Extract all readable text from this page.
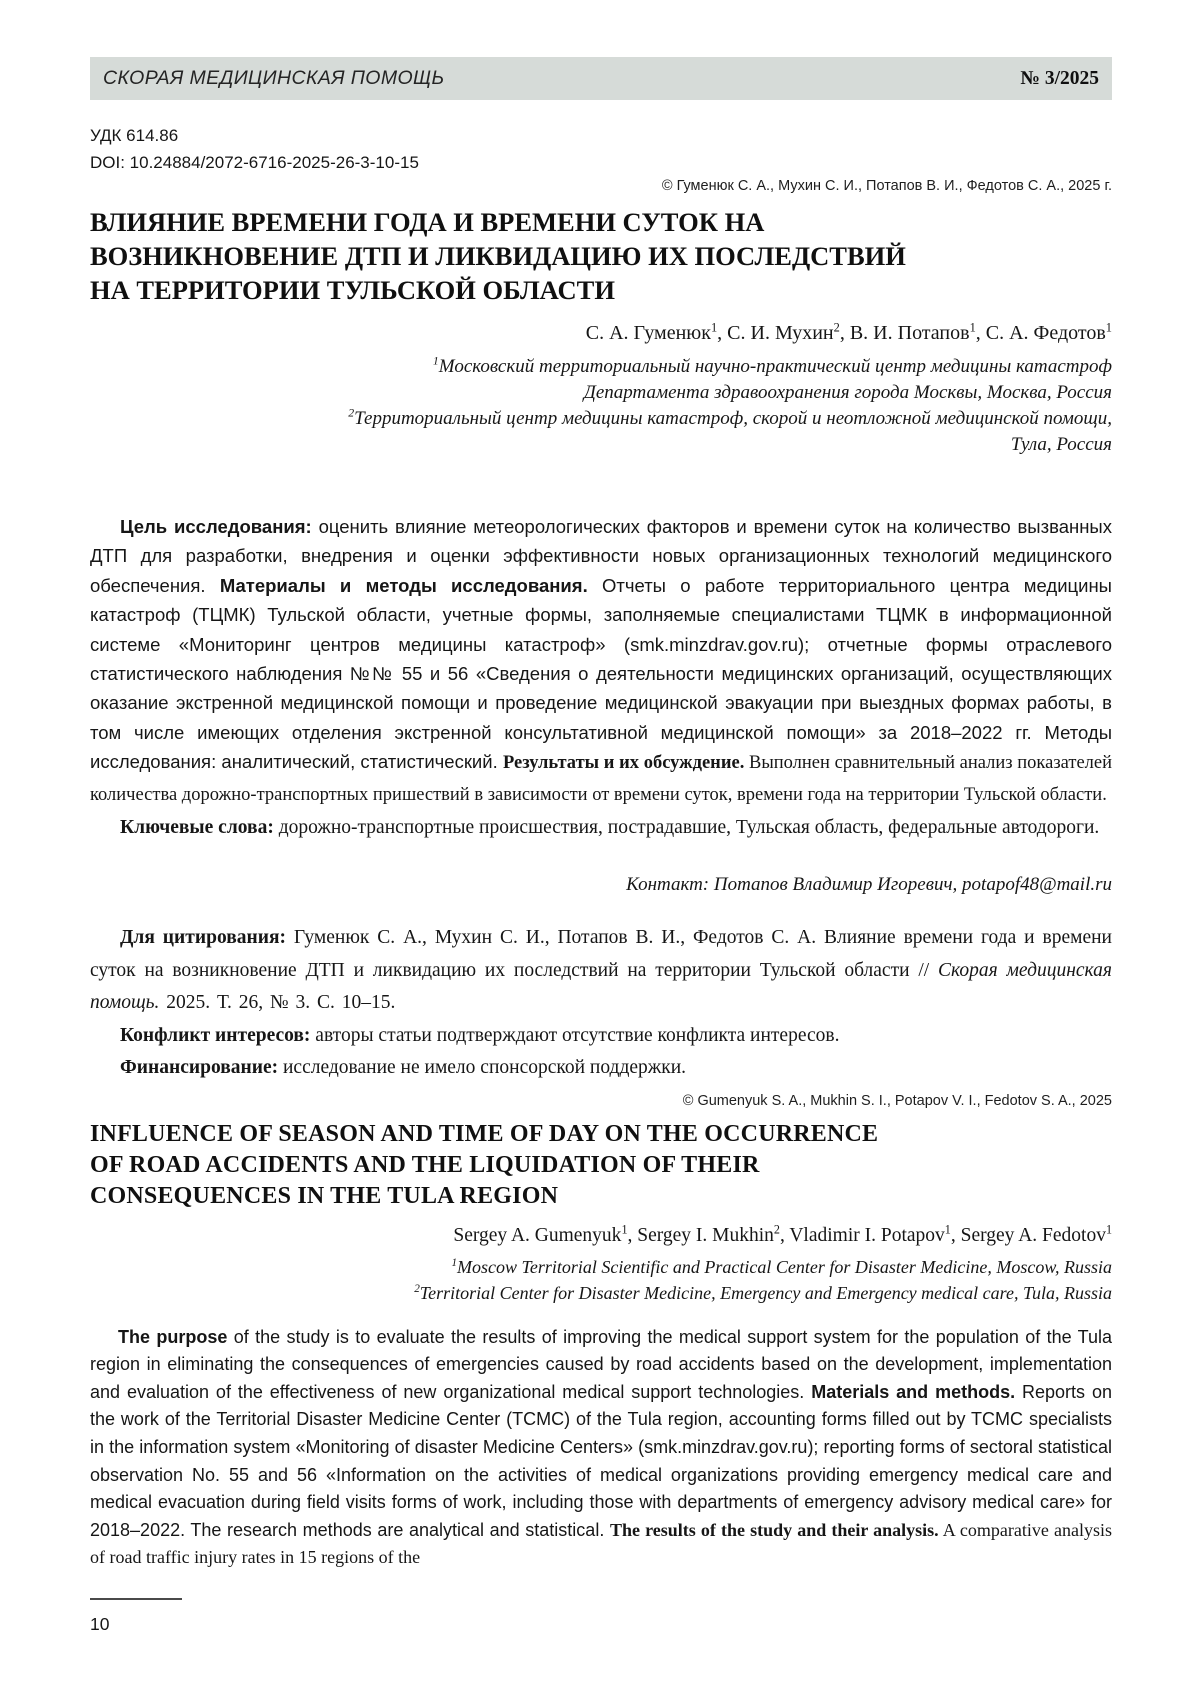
СКОРАЯ МЕДИЦИНСКАЯ ПОМОЩЬ	№ 3/2025
УДК 614.86
DOI: 10.24884/2072-6716-2025-26-3-10-15
© Гуменюк С. А., Мухин С. И., Потапов В. И., Федотов С. А., 2025 г.
ВЛИЯНИЕ ВРЕМЕНИ ГОДА И ВРЕМЕНИ СУТОК НА
ВОЗНИКНОВЕНИЕ ДТП И ЛИКВИДАЦИЮ ИХ ПОСЛЕДСТВИЙ
НА ТЕРРИТОРИИ ТУЛЬСКОЙ ОБЛАСТИ
С. А. Гуменюк$^1$, С. И. Мухин$^2$, В. И. Потапов$^1$, С. А. Федотов$^1$
$^1$Московский территориальный научно-практический центр медицины катастроф
Департамента здравоохранения города Москвы, Москва, Россия
$^2$Территориальный центр медицины катастроф, скорой и неотложной медицинской помощи,
Тула, Россия

Цель исследования: оценить влияние метеорологических факторов и времени суток на количество вызванных ДТП для разработки, внедрения и оценки эффективности новых организационных технологий медицинского обеспечения. Материалы и методы исследования. Отчеты о работе территориального центра медицины катастроф (ТЦМК) Тульской области, учетные формы, заполняемые специалистами ТЦМК в информационной системе «Мониторинг центров медицины катастроф» (smk.minzdrav.gov.ru); отчетные формы отраслевого статистического наблюдения №№ 55 и 56 «Сведения о деятельности медицинских организаций, осуществляющих оказание экстренной медицинской помощи и проведение медицинской эвакуации при выездных формах работы, в том числе имеющих отделения экстренной консультативной медицинской помощи» за 2018–2022 гг. Методы исследования: аналитический, статистический. Результаты и их обсуждение. Выполнен сравнительный анализ показателей количества дорожно-транспортных пришествий в зависимости от времени суток, времени года на территории Тульской области.

Ключевые слова: дорожно-транспортные происшествия, пострадавшие, Тульская область, федеральные автодороги.

Контакт: Потапов Владимир Игоревич, potapof48@mail.ru

Для цитирования: Гуменюк С. А., Мухин С. И., Потапов В. И., Федотов С. А. Влияние времени года и времени суток на возникновение ДТП и ликвидацию их последствий на территории Тульской области // Скорая медицинская помощь. 2025. Т. 26, № 3. С. 10–15.

Конфликт интересов: авторы статьи подтверждают отсутствие конфликта интересов.

Финансирование: исследование не имело спонсорской поддержки.

© Gumenyuk S. A., Mukhin S. I., Potapov V. I., Fedotov S. A., 2025
INFLUENCE OF SEASON AND TIME OF DAY ON THE OCCURRENCE
OF ROAD ACCIDENTS AND THE LIQUIDATION OF THEIR
CONSEQUENCES IN THE TULA REGION
Sergey A. Gumenyuk$^1$, Sergey I. Mukhin$^2$, Vladimir I. Potapov$^1$, Sergey A. Fedotov$^1$
$^1$Moscow Territorial Scientific and Practical Center for Disaster Medicine, Moscow, Russia
$^2$Territorial Center for Disaster Medicine, Emergency and Emergency medical care, Tula, Russia

The purpose of the study is to evaluate the results of improving the medical support system for the population of the Tula region in eliminating the consequences of emergencies caused by road accidents based on the development, implementation and evaluation of the effectiveness of new organizational medical support technologies. Materials and methods. Reports on the work of the Territorial Disaster Medicine Center (TCMC) of the Tula region, accounting forms filled out by TCMC specialists in the information system «Monitoring of disaster Medicine Centers» (smk.minzdrav.gov.ru); reporting forms of sectoral statistical observation No. 55 and 56 «Information on the activities of medical organizations providing emergency medical care and medical evacuation during field visits forms of work, including those with departments of emergency advisory medical care» for 2018–2022. The research methods are analytical and statistical. The results of the study and their analysis. A comparative analysis of road traffic injury rates in 15 regions of the

10
